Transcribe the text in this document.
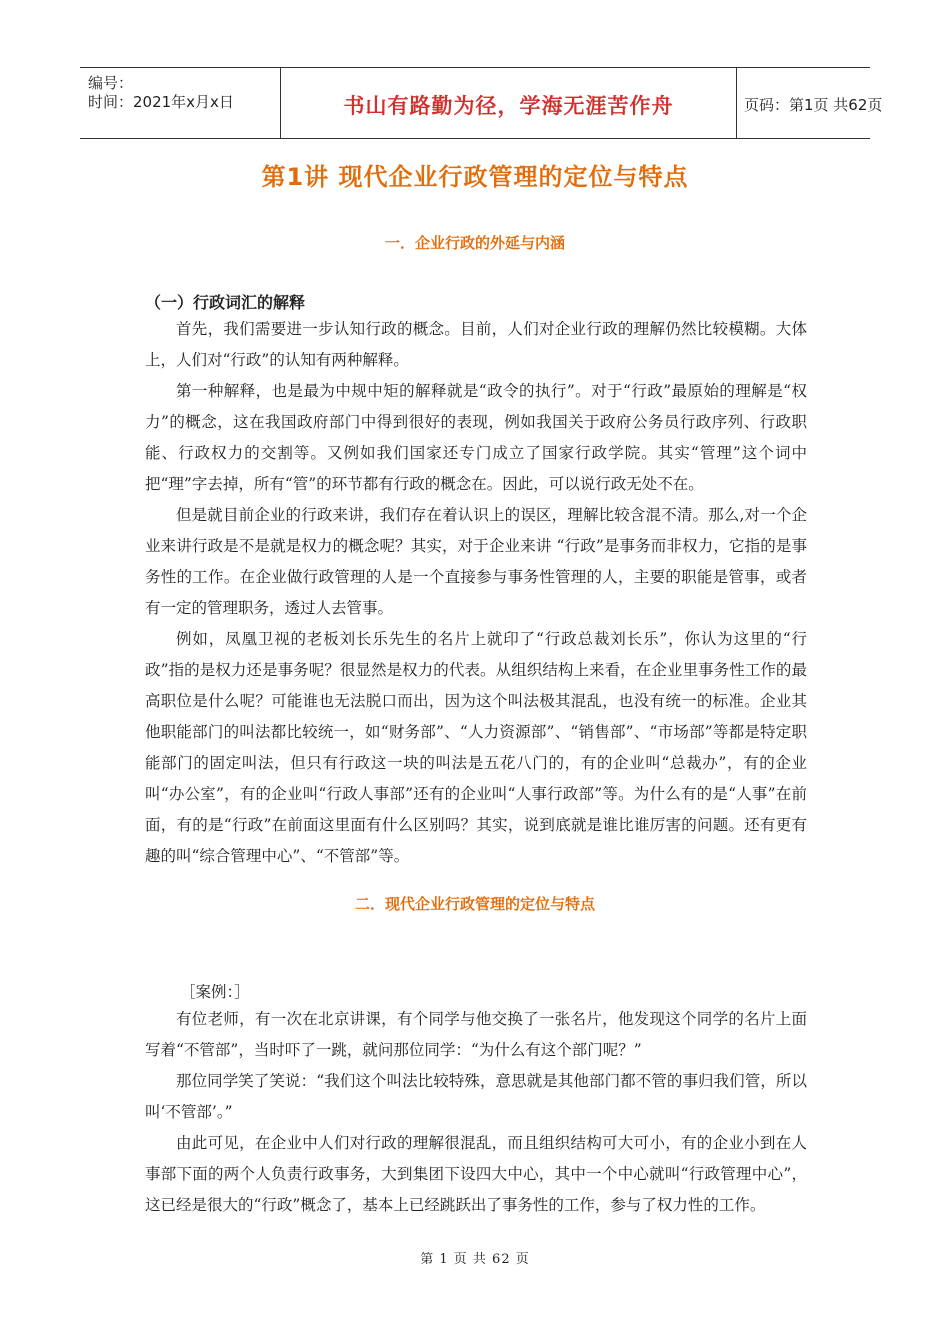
编号：
时间：2021年x月x日	书山有路勤为径，学海无涯苦作舟	页码：第1页 共62页
第1讲 现代企业行政管理的定位与特点
一．企业行政的外延与内涵
（一）行政词汇的解释

首先，我们需要进一步认知行政的概念。目前，人们对企业行政的理解仍然比较模糊。大体上，人们对“行政”的认知有两种解释。

第一种解释，也是最为中规中矩的解释就是“政令的执行”。对于“行政”最原始的理解是“权力”的概念，这在我国政府部门中得到很好的表现，例如我国关于政府公务员行政序列、行政职能、行政权力的交割等。又例如我们国家还专门成立了国家行政学院。其实“管理”这个词中把“理”字去掉，所有“管”的环节都有行政的概念在。因此，可以说行政无处不在。

但是就目前企业的行政来讲，我们存在着认识上的误区，理解比较含混不清。那么,对一个企业来讲行政是不是就是权力的概念呢？其实，对于企业来讲 “行政”是事务而非权力，它指的是事务性的工作。在企业做行政管理的人是一个直接参与事务性管理的人，主要的职能是管事，或者有一定的管理职务，透过人去管事。

例如，凤凰卫视的老板刘长乐先生的名片上就印了“行政总裁刘长乐”，你认为这里的“行政”指的是权力还是事务呢？很显然是权力的代表。从组织结构上来看，在企业里事务性工作的最高职位是什么呢？可能谁也无法脱口而出，因为这个叫法极其混乱，也没有统一的标准。企业其他职能部门的叫法都比较统一，如“财务部”、“人力资源部”、“销售部”、“市场部”等都是特定职能部门的固定叫法，但只有行政这一块的叫法是五花八门的，有的企业叫“总裁办”，有的企业叫“办公室”，有的企业叫“行政人事部”还有的企业叫“人事行政部”等。为什么有的是“人事”在前面，有的是“行政”在前面这里面有什么区别吗？其实，说到底就是谁比谁厉害的问题。还有更有趣的叫“综合管理中心”、“不管部”等。

二．现代企业行政管理的定位与特点
［案例：］

有位老师，有一次在北京讲课，有个同学与他交换了一张名片，他发现这个同学的名片上面写着“不管部”，当时吓了一跳，就问那位同学：“为什么有这个部门呢？”

那位同学笑了笑说：“我们这个叫法比较特殊，意思就是其他部门都不管的事归我们管，所以叫‘不管部’。”

由此可见，在企业中人们对行政的理解很混乱，而且组织结构可大可小，有的企业小到在人事部下面的两个人负责行政事务，大到集团下设四大中心，其中一个中心就叫“行政管理中心”，这已经是很大的“行政”概念了，基本上已经跳跃出了事务性的工作，参与了权力性的工作。

第 1 页 共 62 页
